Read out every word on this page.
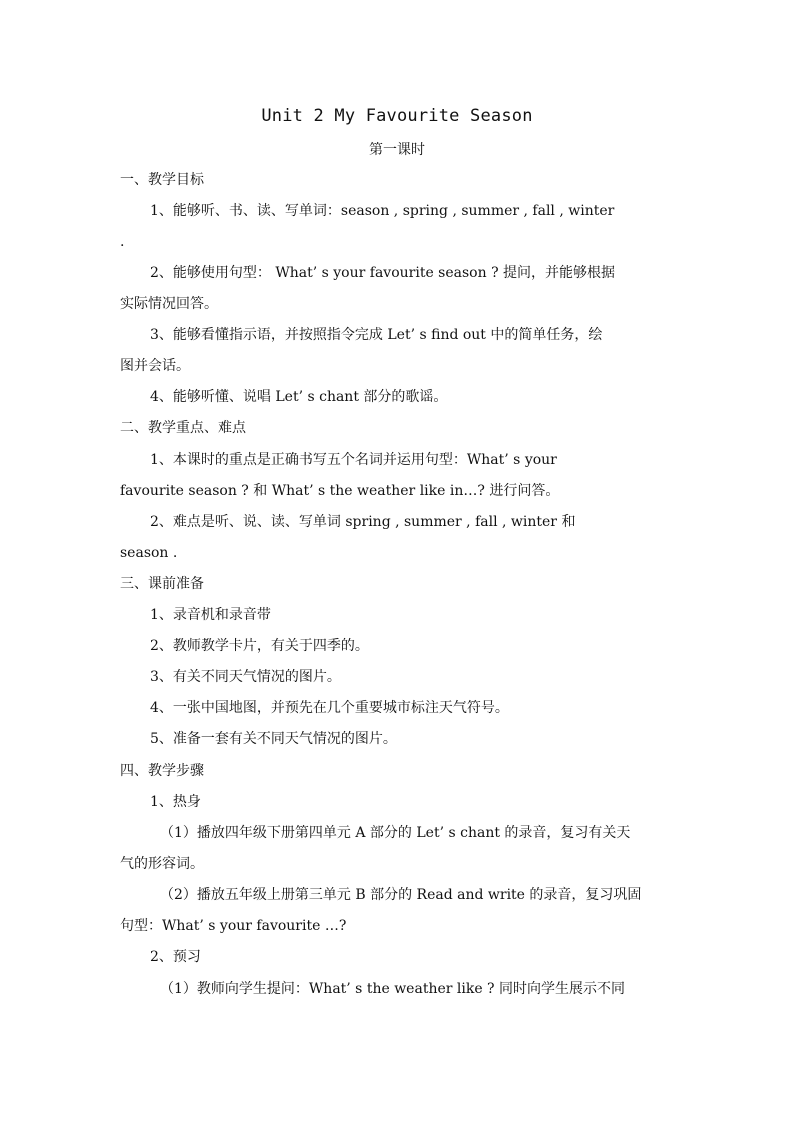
Unit 2 My Favourite Season
第一课时
一、教学目标
1、能够听、书、读、写单词：season , spring , summer , fall , winter
.
2、能够使用句型： What’ s your favourite season ? 提问，并能够根据
实际情况回答。
3、能够看懂指示语，并按照指令完成 Let’ s find out 中的简单任务，绘
图并会话。
4、能够听懂、说唱 Let’ s chant 部分的歌谣。
二、教学重点、难点
1、本课时的重点是正确书写五个名词并运用句型：What’ s your
favourite season ? 和 What’ s the weather like in…? 进行问答。
2、难点是听、说、读、写单词 spring , summer , fall , winter 和
season .
三、课前准备
1、录音机和录音带
2、教师教学卡片，有关于四季的。
3、有关不同天气情况的图片。
4、一张中国地图，并预先在几个重要城市标注天气符号。
5、准备一套有关不同天气情况的图片。
四、教学步骤
1、热身
（1）播放四年级下册第四单元 A 部分的 Let’ s chant 的录音，复习有关天
气的形容词。
（2）播放五年级上册第三单元 B 部分的 Read and write 的录音，复习巩固
句型：What’ s your favourite …?
2、预习
（1）教师向学生提问：What’ s the weather like ? 同时向学生展示不同
